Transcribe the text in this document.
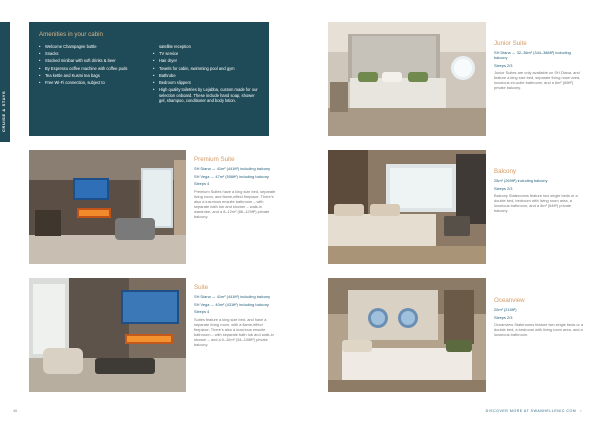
CRUISE & STAYS
Amenities in your cabin
• Welcome Champagne bottle
• Snacks
• Stocked minibar with soft drinks & beer
• By Espresso coffee machine with coffee pods
• Tea kettle and Kusmi tea bags
• Free Wi-Fi connection, subject to
satellite reception
• TV service
• Hair dryer
• Towels for cabin, swimming pool and gym
• Bathrobe
• Bedroom slippers
• High quality toiletries by Lejabba, custom made for our selection onboard. These include hand soap, shower gel, shampoo, conditioner and body lotion.
Premium Suite

SH Diana → 41m² (441ft²) including balcony

SH Vega → 47m² (506ft²) including balcony

Sleeps 4

Premium Suites have a king size bed, separate living room, and flame-effect fireplace. There's also a luxurious ensuite bathroom – with separate bath tub and shower – walk-in wardrobe, and a 8–12m² (86–129ft²) private balcony.

Suite

SH Diana → 41m² (441ft²) including balcony

SH Vega → 40m² (431ft²) including balcony

Sleeps 4

Suites feature a king size bed, and have a separate living room, with a flame-effect fireplace. There's also a luxurious ensuite bathroom – with separate bath tub and walk-in shower – and a 5–10m² (54–108ft²) private balcony.

Junior Suite

SH Diana → 32–36m² (344–388ft²) including balcony

Sleeps 2/3

Junior Suites are only available on SH Diana, and feature a king size bed, separate living room area, luxurious en-suite bathroom, and a 6m² (65ft²) private balcony.

Balcony

25m² (269ft²) including balcony

Sleeps 2/3

Balcony Staterooms feature two single beds or a double bed, bedroom with living room area, a luxurious bathroom, and a 5m² (54ft²) private balcony.

Oceanview

20m² (215ft²)

Sleeps 2/3

Oceanview Staterooms feature two single beds or a double bed, a bedroom with living room area, and a luxurious bathroom.

46	DISCOVER MORE AT SWANHELLENIC.COM ›
